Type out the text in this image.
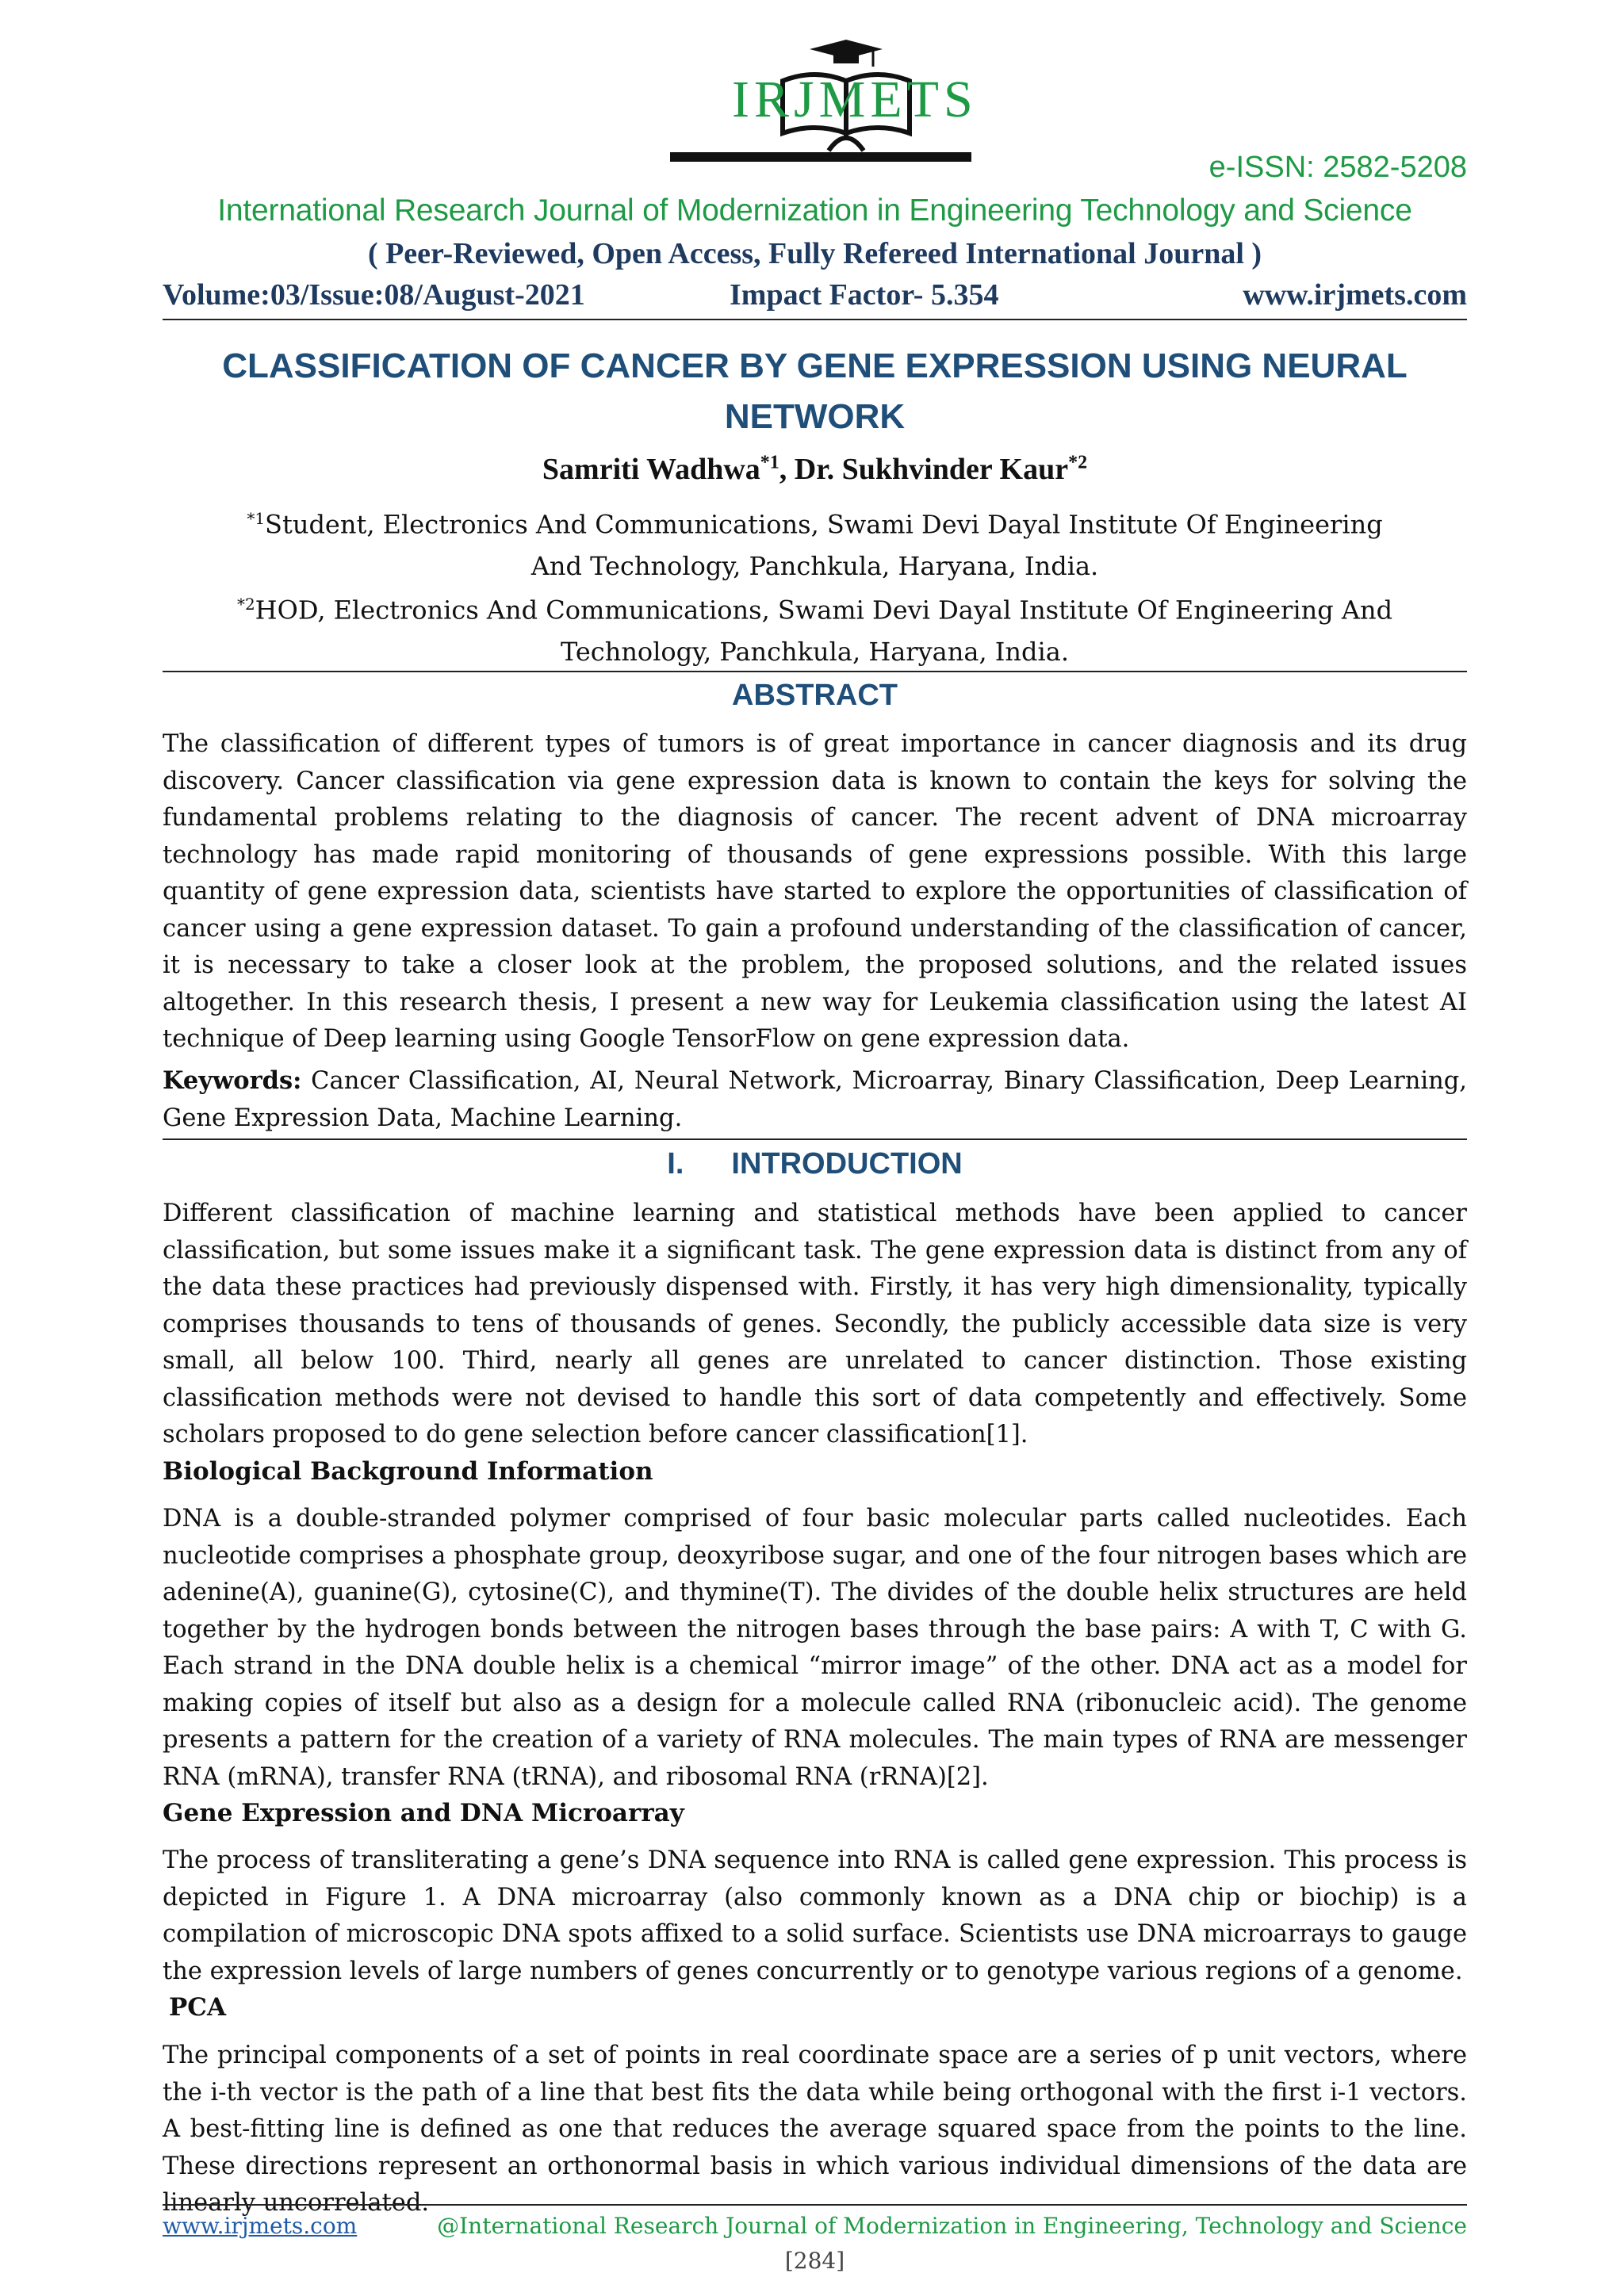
IRJMETS
e-ISSN: 2582-5208
International Research Journal of Modernization in Engineering Technology and Science
( Peer-Reviewed, Open Access, Fully Refereed International Journal )
Volume:03/Issue:08/August-2021	Impact Factor- 5.354	www.irjmets.com
CLASSIFICATION OF CANCER BY GENE EXPRESSION USING NEURAL
NETWORK
Samriti Wadhwa$^{*1}$, Dr. Sukhvinder Kaur$^{*2}$
$^{*1}$Student, Electronics And Communications, Swami Devi Dayal Institute Of Engineering And Technology, Panchkula, Haryana, India.
$^{*2}$HOD, Electronics And Communications, Swami Devi Dayal Institute Of Engineering And Technology, Panchkula, Haryana, India.
ABSTRACT
The classification of different types of tumors is of great importance in cancer diagnosis and its drug discovery. Cancer classification via gene expression data is known to contain the keys for solving the fundamental problems relating to the diagnosis of cancer. The recent advent of DNA microarray technology has made rapid monitoring of thousands of gene expressions possible. With this large quantity of gene expression data, scientists have started to explore the opportunities of classification of cancer using a gene expression dataset. To gain a profound understanding of the classification of cancer, it is necessary to take a closer look at the problem, the proposed solutions, and the related issues altogether. In this research thesis, I present a new way for Leukemia classification using the latest AI technique of Deep learning using Google TensorFlow on gene expression data.
Keywords: Cancer Classification, AI, Neural Network, Microarray, Binary Classification, Deep Learning, Gene Expression Data, Machine Learning.
I. INTRODUCTION
Different classification of machine learning and statistical methods have been applied to cancer classification, but some issues make it a significant task. The gene expression data is distinct from any of the data these practices had previously dispensed with. Firstly, it has very high dimensionality, typically comprises thousands to tens of thousands of genes. Secondly, the publicly accessible data size is very small, all below 100. Third, nearly all genes are unrelated to cancer distinction. Those existing classification methods were not devised to handle this sort of data competently and effectively. Some scholars proposed to do gene selection before cancer classification[1].
Biological Background Information
DNA is a double-stranded polymer comprised of four basic molecular parts called nucleotides. Each nucleotide comprises a phosphate group, deoxyribose sugar, and one of the four nitrogen bases which are adenine(A), guanine(G), cytosine(C), and thymine(T). The divides of the double helix structures are held together by the hydrogen bonds between the nitrogen bases through the base pairs: A with T, C with G. Each strand in the DNA double helix is a chemical “mirror image” of the other. DNA act as a model for making copies of itself but also as a design for a molecule called RNA (ribonucleic acid). The genome presents a pattern for the creation of a variety of RNA molecules. The main types of RNA are messenger RNA (mRNA), transfer RNA (tRNA), and ribosomal RNA (rRNA)[2].
Gene Expression and DNA Microarray
The process of transliterating a gene’s DNA sequence into RNA is called gene expression. This process is depicted in Figure 1. A DNA microarray (also commonly known as a DNA chip or biochip) is a compilation of microscopic DNA spots affixed to a solid surface. Scientists use DNA microarrays to gauge the expression levels of large numbers of genes concurrently or to genotype various regions of a genome.
PCA
The principal components of a set of points in real coordinate space are a series of p unit vectors, where the i-th vector is the path of a line that best fits the data while being orthogonal with the first i-1 vectors. A best-fitting line is defined as one that reduces the average squared space from the points to the line. These directions represent an orthonormal basis in which various individual dimensions of the data are linearly uncorrelated.
www.irjmets.com	@International Research Journal of Modernization in Engineering, Technology and Science
[284]
